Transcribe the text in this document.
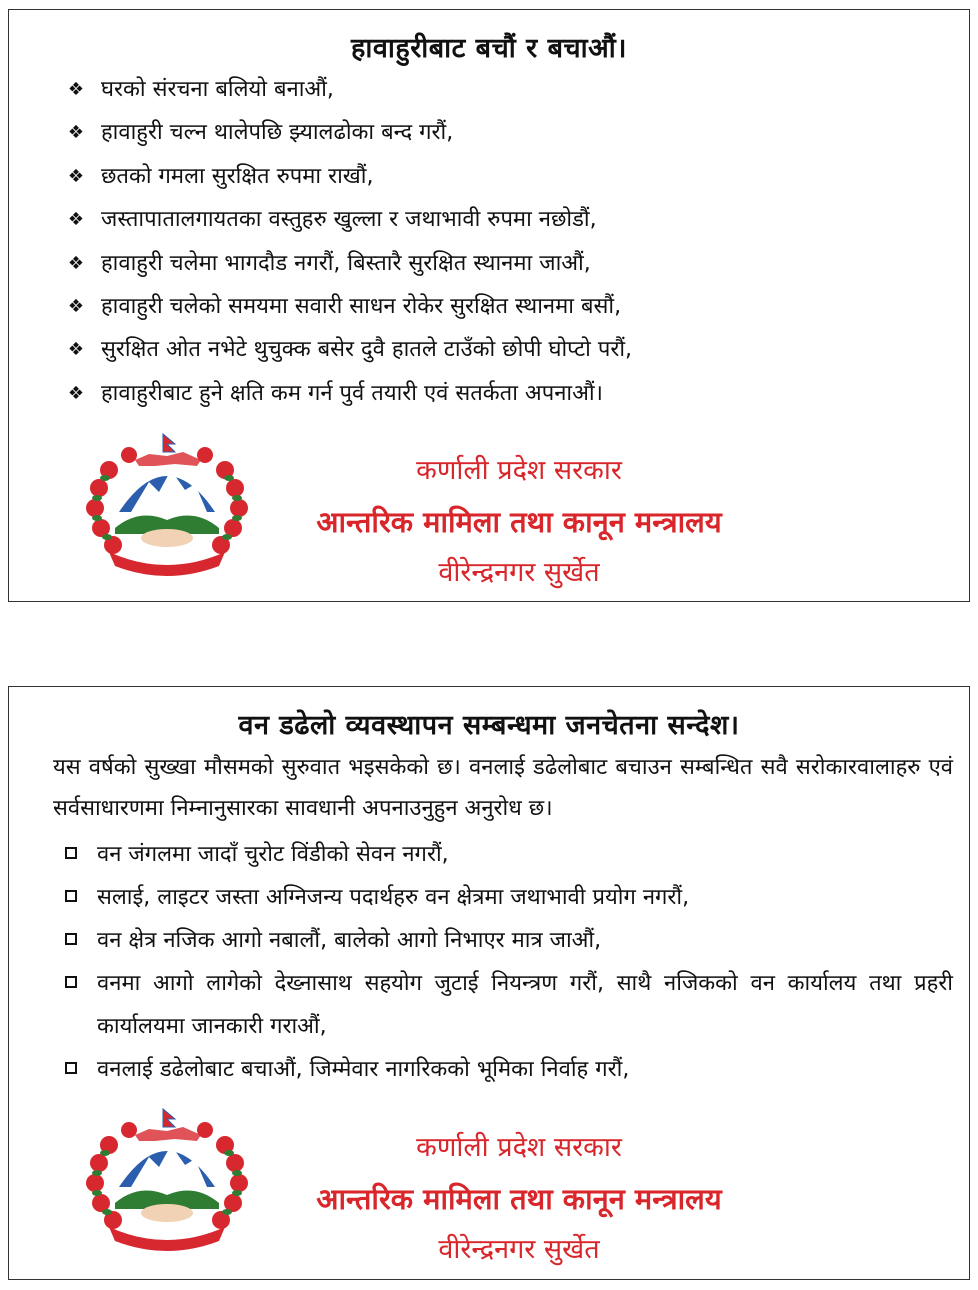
हावाहुरीबाट बचौं र बचाऔं।
❖ घरको संरचना बलियो बनाऔं,
❖ हावाहुरी चल्न थालेपछि झ्यालढोका बन्द गरौं,
❖ छतको गमला सुरक्षित रुपमा राखौं,
❖ जस्तापातालगायतका वस्तुहरु खुल्ला र जथाभावी रुपमा नछोडौं,
❖ हावाहुरी चलेमा भागदौड नगरौं, बिस्तारै सुरक्षित स्थानमा जाऔं,
❖ हावाहुरी चलेको समयमा सवारी साधन रोकेर सुरक्षित स्थानमा बसौं,
❖ सुरक्षित ओत नभेटे थुचुक्क बसेर दुवै हातले टाउँको छोपी घोप्टो परौं,
❖ हावाहुरीबाट हुने क्षति कम गर्न पुर्व तयारी एवं सतर्कता अपनाऔं।
कर्णाली प्रदेश सरकार
आन्तरिक मामिला तथा कानून मन्त्रालय
वीरेन्द्रनगर सुर्खेत
वन डढेलो व्यवस्थापन सम्बन्धमा जनचेतना सन्देश।
यस वर्षको सुख्खा मौसमको सुरुवात भइसकेको छ। वनलाई डढेलोबाट बचाउन सम्बन्धित सवै सरोकारवालाहरु एवं सर्वसाधारणमा निम्नानुसारका सावधानी अपनाउनुहुन अनुरोध छ।
वन जंगलमा जादाँ चुरोट विंडीको सेवन नगरौं,
सलाई, लाइटर जस्ता अग्निजन्य पदार्थहरु वन क्षेत्रमा जथाभावी प्रयोग नगरौं,
वन क्षेत्र नजिक आगो नबालौं, बालेको आगो निभाएर मात्र जाऔं,
वनमा आगो लागेको देख्नासाथ सहयोग जुटाई नियन्त्रण गरौं, साथै नजिकको वन कार्यालय तथा प्रहरी कार्यालयमा जानकारी गराऔं,
वनलाई डढेलोबाट बचाऔं, जिम्मेवार नागरिकको भूमिका निर्वाह गरौं,
कर्णाली प्रदेश सरकार
आन्तरिक मामिला तथा कानून मन्त्रालय
वीरेन्द्रनगर सुर्खेत
